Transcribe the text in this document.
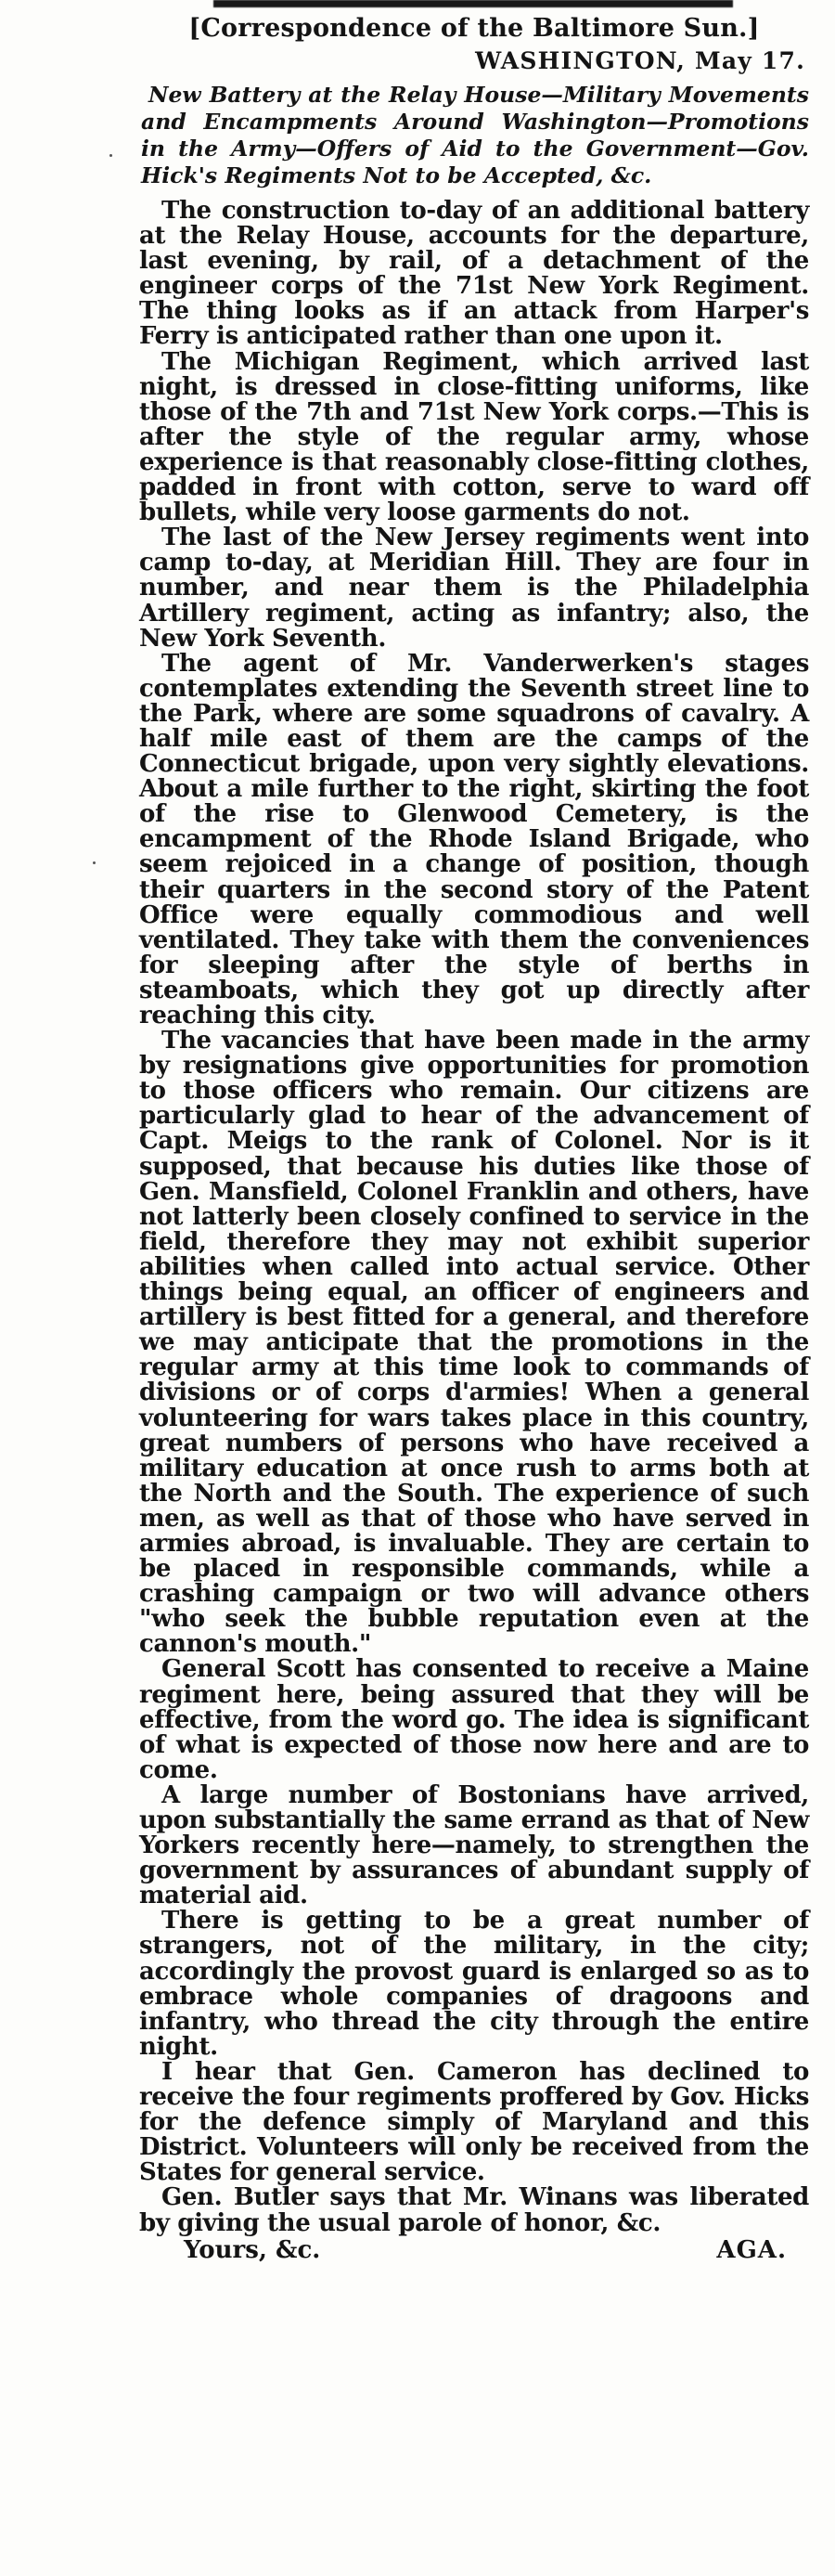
[Correspondence of the Baltimore Sun.]
WASHINGTON, May 17.
New Battery at the Relay House—Military Movements and Encampments Around Washington—Promotions in the Army—Offers of Aid to the Government—Gov. Hick's Regiments Not to be Accepted, &c.

The construction to-day of an additional battery at the Relay House, accounts for the departure, last evening, by rail, of a detachment of the engineer corps of the 71st New York Regiment. The thing looks as if an attack from Harper's Ferry is anticipated rather than one upon it.

The Michigan Regiment, which arrived last night, is dressed in close-fitting uniforms, like those of the 7th and 71st New York corps.—This is after the style of the regular army, whose experience is that reasonably close-fitting clothes, padded in front with cotton, serve to ward off bullets, while very loose garments do not.

The last of the New Jersey regiments went into camp to-day, at Meridian Hill. They are four in number, and near them is the Philadelphia Artillery regiment, acting as infantry; also, the New York Seventh.

The agent of Mr. Vanderwerken's stages contemplates extending the Seventh street line to the Park, where are some squadrons of cavalry. A half mile east of them are the camps of the Connecticut brigade, upon very sightly elevations. About a mile further to the right, skirting the foot of the rise to Glenwood Cemetery, is the encampment of the Rhode Island Brigade, who seem rejoiced in a change of position, though their quarters in the second story of the Patent Office were equally commodious and well ventilated. They take with them the conveniences for sleeping after the style of berths in steamboats, which they got up directly after reaching this city.

The vacancies that have been made in the army by resignations give opportunities for promotion to those officers who remain. Our citizens are particularly glad to hear of the advancement of Capt. Meigs to the rank of Colonel. Nor is it supposed, that because his duties like those of Gen. Mansfield, Colonel Franklin and others, have not latterly been closely confined to service in the field, therefore they may not exhibit superior abilities when called into actual service. Other things being equal, an officer of engineers and artillery is best fitted for a general, and therefore we may anticipate that the promotions in the regular army at this time look to commands of divisions or of corps d'armies! When a general volunteering for wars takes place in this country, great numbers of persons who have received a military education at once rush to arms both at the North and the South. The experience of such men, as well as that of those who have served in armies abroad, is invaluable. They are certain to be placed in responsible commands, while a crashing campaign or two will advance others "who seek the bubble reputation even at the cannon's mouth."

General Scott has consented to receive a Maine regiment here, being assured that they will be effective, from the word go. The idea is significant of what is expected of those now here and are to come.

A large number of Bostonians have arrived, upon substantially the same errand as that of New Yorkers recently here—namely, to strengthen the government by assurances of abundant supply of material aid.

There is getting to be a great number of strangers, not of the military, in the city; accordingly the provost guard is enlarged so as to embrace whole companies of dragoons and infantry, who thread the city through the entire night.

I hear that Gen. Cameron has declined to receive the four regiments proffered by Gov. Hicks for the defence simply of Maryland and this District. Volunteers will only be received from the States for general service.

Gen. Butler says that Mr. Winans was liberated by giving the usual parole of honor, &c.

Yours, &c.	AGA.
